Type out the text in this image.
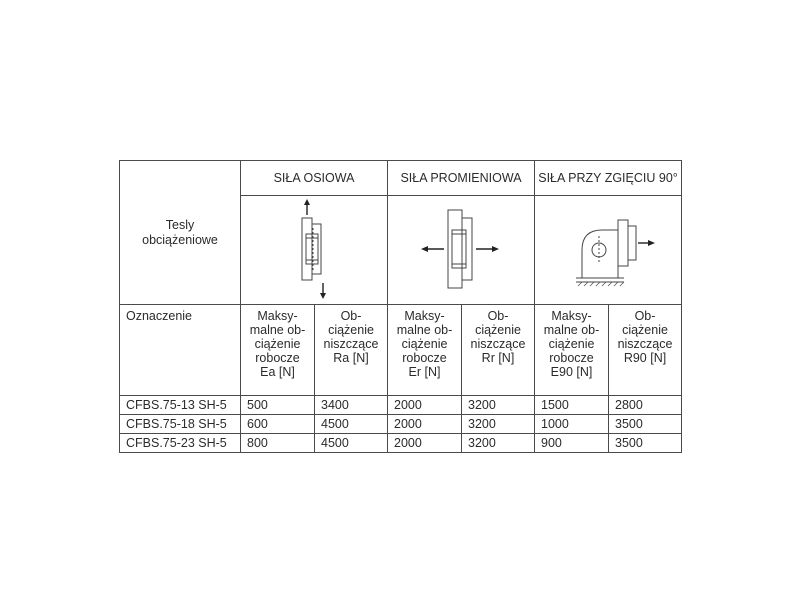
Tesly
obciążeniowe	SIŁA OSIOWA		SIŁA PROMIENIOWA		SIŁA PRZY ZGIĘCIU 90°	

Oznaczenie	Maksy-
malne ob-
ciążenie
robocze
Ea [N]	Ob-
ciążenie
niszczące
Ra [N]	Maksy-
malne ob-
ciążenie
robocze
Er [N]	Ob-
ciążenie
niszczące
Rr [N]	Maksy-
malne ob-
ciążenie
robocze
E90 [N]	Ob-
ciążenie
niszczące
R90 [N]

CFBS.75-13 SH-5	500	3400	2000	3200	1500	2800
CFBS.75-18 SH-5	600	4500	2000	3200	1000	3500
CFBS.75-23 SH-5	800	4500	2000	3200	900	3500
